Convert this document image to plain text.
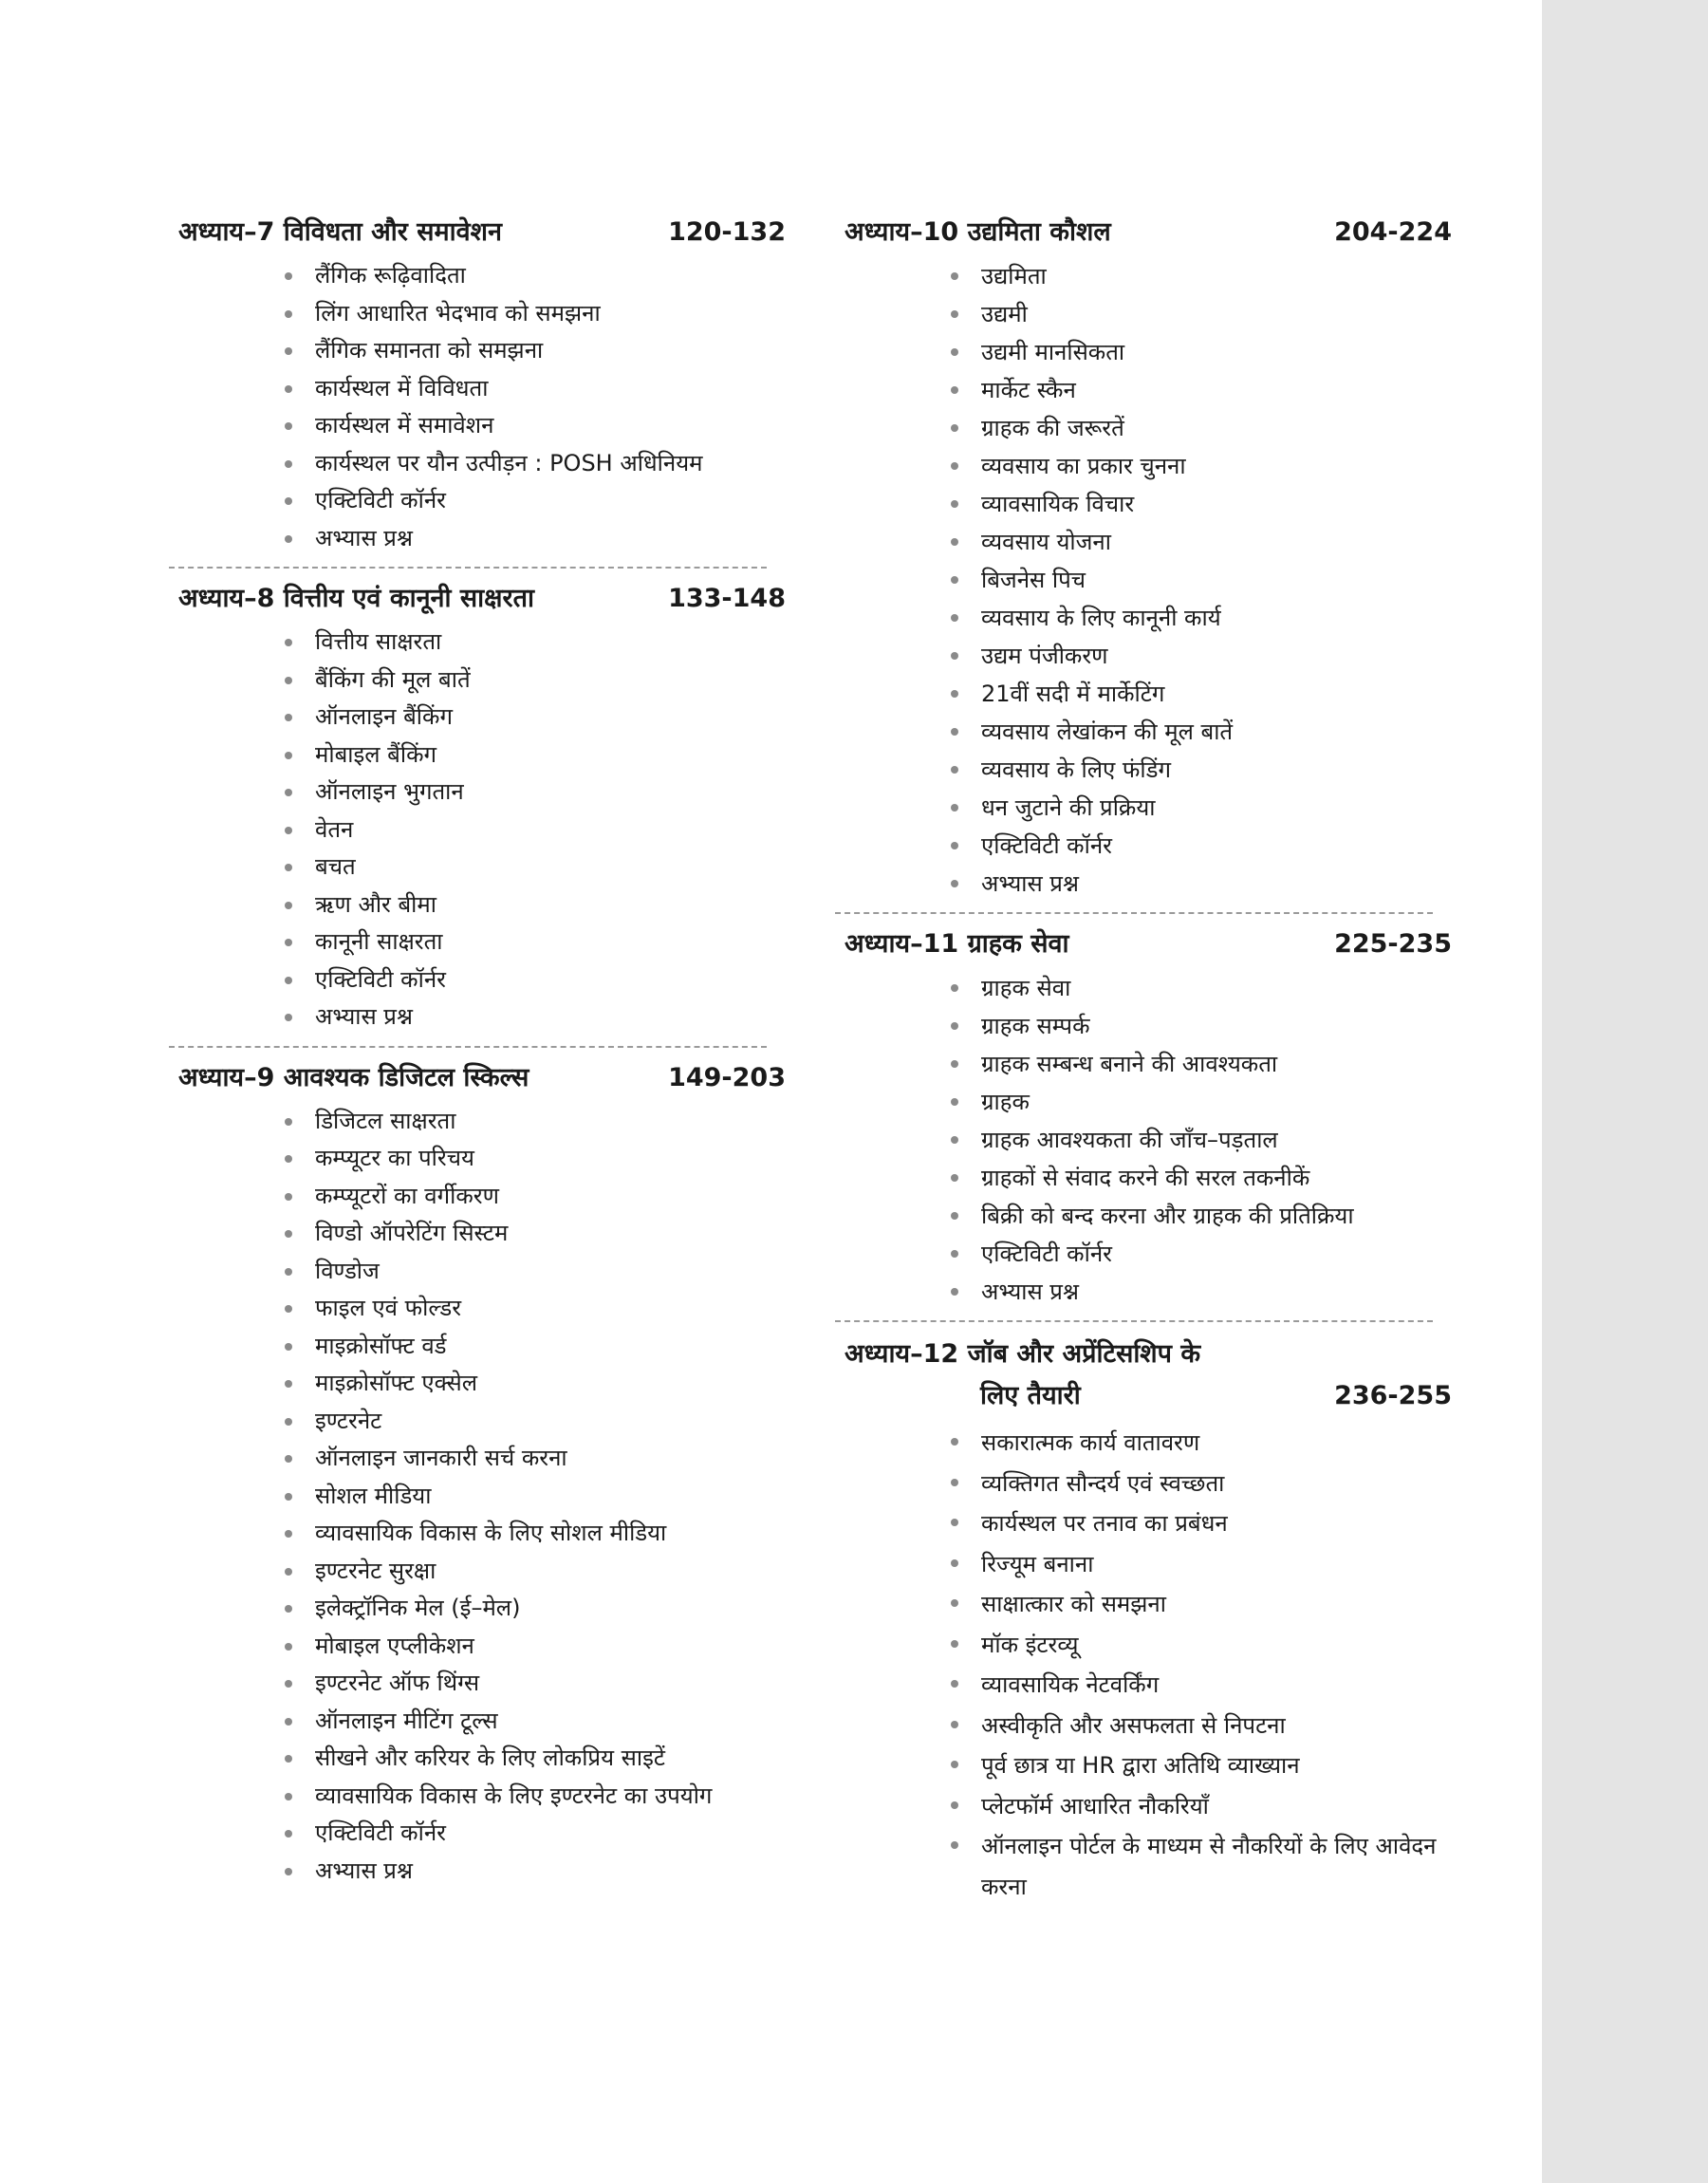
अध्याय–7 विविधता और समावेशन	120-132
लैंगिक रूढ़िवादिता
लिंग आधारित भेदभाव को समझना
लैंगिक समानता को समझना
कार्यस्थल में विविधता
कार्यस्थल में समावेशन
कार्यस्थल पर यौन उत्पीड़न : POSH अधिनियम
एक्टिविटी कॉर्नर
अभ्यास प्रश्न
अध्याय–8 वित्तीय एवं कानूनी साक्षरता	133-148
वित्तीय साक्षरता
बैंकिंग की मूल बातें
ऑनलाइन बैंकिंग
मोबाइल बैंकिंग
ऑनलाइन भुगतान
वेतन
बचत
ऋण और बीमा
कानूनी साक्षरता
एक्टिविटी कॉर्नर
अभ्यास प्रश्न
अध्याय–9 आवश्यक डिजिटल स्किल्स	149-203
डिजिटल साक्षरता
कम्प्यूटर का परिचय
कम्प्यूटरों का वर्गीकरण
विण्डो ऑपरेटिंग सिस्टम
विण्डोज
फाइल एवं फोल्डर
माइक्रोसॉफ्ट वर्ड
माइक्रोसॉफ्ट एक्सेल
इण्टरनेट
ऑनलाइन जानकारी सर्च करना
सोशल मीडिया
व्यावसायिक विकास के लिए सोशल मीडिया
इण्टरनेट सुरक्षा
इलेक्ट्रॉनिक मेल (ई–मेल)
मोबाइल एप्लीकेशन
इण्टरनेट ऑफ थिंग्स
ऑनलाइन मीटिंग टूल्स
सीखने और करियर के लिए लोकप्रिय साइटें
व्यावसायिक विकास के लिए इण्टरनेट का उपयोग
एक्टिविटी कॉर्नर
अभ्यास प्रश्न
अध्याय–10 उद्यमिता कौशल	204-224
उद्यमिता
उद्यमी
उद्यमी मानसिकता
मार्केट स्कैन
ग्राहक की जरूरतें
व्यवसाय का प्रकार चुनना
व्यावसायिक विचार
व्यवसाय योजना
बिजनेस पिच
व्यवसाय के लिए कानूनी कार्य
उद्यम पंजीकरण
21वीं सदी में मार्केटिंग
व्यवसाय लेखांकन की मूल बातें
व्यवसाय के लिए फंडिंग
धन जुटाने की प्रक्रिया
एक्टिविटी कॉर्नर
अभ्यास प्रश्न
अध्याय–11 ग्राहक सेवा	225-235
ग्राहक सेवा
ग्राहक सम्पर्क
ग्राहक सम्बन्ध बनाने की आवश्यकता
ग्राहक
ग्राहक आवश्यकता की जाँच–पड़ताल
ग्राहकों से संवाद करने की सरल तकनीकें
बिक्री को बन्द करना और ग्राहक की प्रतिक्रिया
एक्टिविटी कॉर्नर
अभ्यास प्रश्न
अध्याय–12 जॉब और अप्रेंटिसशिप के
लिए तैयारी	236-255
सकारात्मक कार्य वातावरण
व्यक्तिगत सौन्दर्य एवं स्वच्छता
कार्यस्थल पर तनाव का प्रबंधन
रिज्यूम बनाना
साक्षात्कार को समझना
मॉक इंटरव्यू
व्यावसायिक नेटवर्किंग
अस्वीकृति और असफलता से निपटना
पूर्व छात्र या HR द्वारा अतिथि व्याख्यान
प्लेटफॉर्म आधारित नौकरियाँ
ऑनलाइन पोर्टल के माध्यम से नौकरियों के लिए आवेदन करना
